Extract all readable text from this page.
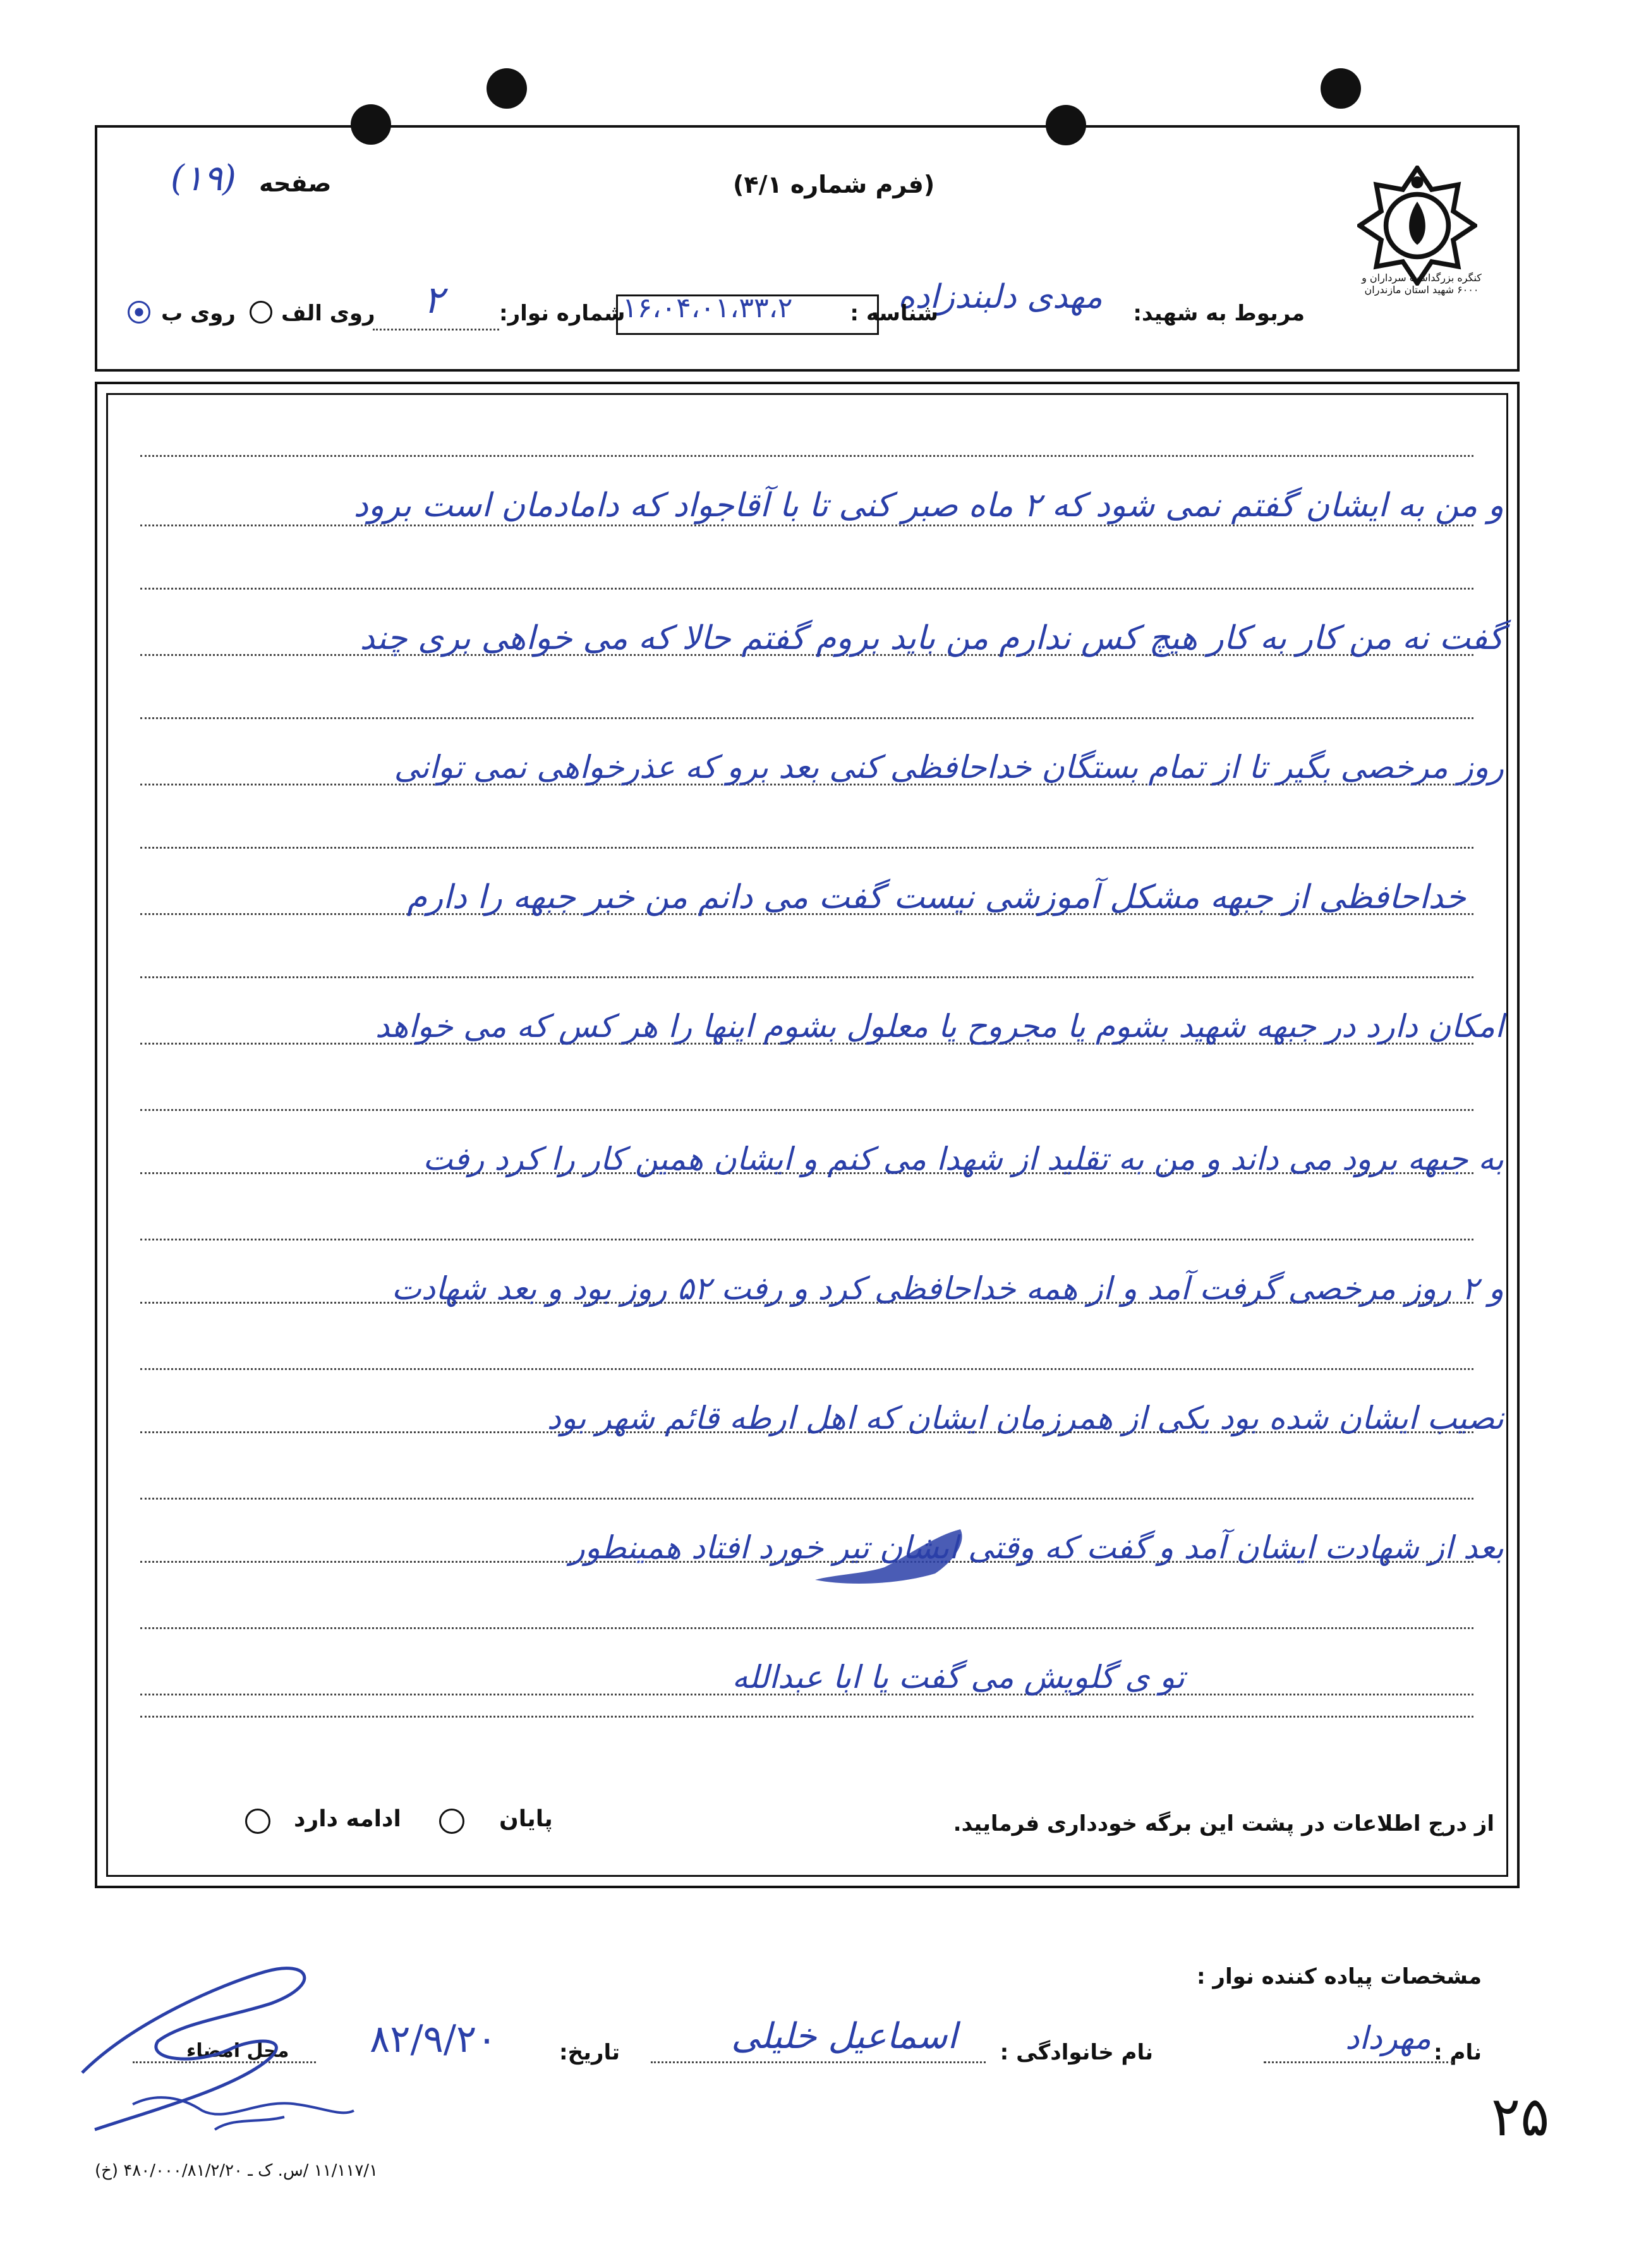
کنگره بزرگداشت سرداران و ۶۰۰۰ شهید استان مازندران
صفحه
(۱۹)	(فرم شماره ۴/۱)
مربوط به شهید:
مهدی دلبندزاده
شناسه :
۱۶،۰۴،۰۱،۳۳،۲
شماره نوار:
۲
روی الف
روی ب
و من به ایشان گفتم نمی شود که ۲ ماه صبر کنی تا با آقاجواد که دامادمان است برود
گفت نه من کار به کار هیچ کس ندارم من باید بروم گفتم حالا که می خواهی بری چند
روز مرخصی بگیر تا از تمام بستگان خداحافظی کنی بعد برو که عذرخواهی نمی توانی
خداحافظی از جبهه مشکل آموزشی نیست گفت می دانم من خبر جبهه را دارم
امکان دارد در جبهه شهید بشوم یا مجروح یا معلول بشوم اینها را هر کس که می خواهد
به جبهه برود می داند و من به تقلید از شهدا می کنم و ایشان همین کار را کرد رفت
و ۲ روز مرخصی گرفت آمد و از همه خداحافظی کرد و رفت ۵۲ روز بود و بعد شهادت
نصیب ایشان شده بود یکی از همرزمان ایشان که اهل ارطه قائم شهر بود
بعد از شهادت ایشان آمد و گفت که وقتی ایشان تیر خورد افتاد همینطور
تو ی گلویش می گفت یا ابا عبدالله
از درج اطلاعات در پشت این برگه خودداری فرمایید.
پایان
ادامه دارد
مشخصات پیاده کننده نوار :
نام :
مهرداد
نام خانوادگی :
اسماعیل خلیلی
تاریخ:
۸۲/۹/۲۰
محل امضاء
۲۵
۱۱/۱۱۷/۱ /س. ک ـ ۴۸۰/۰۰۰/۸۱/۲/۲۰ (خ)
